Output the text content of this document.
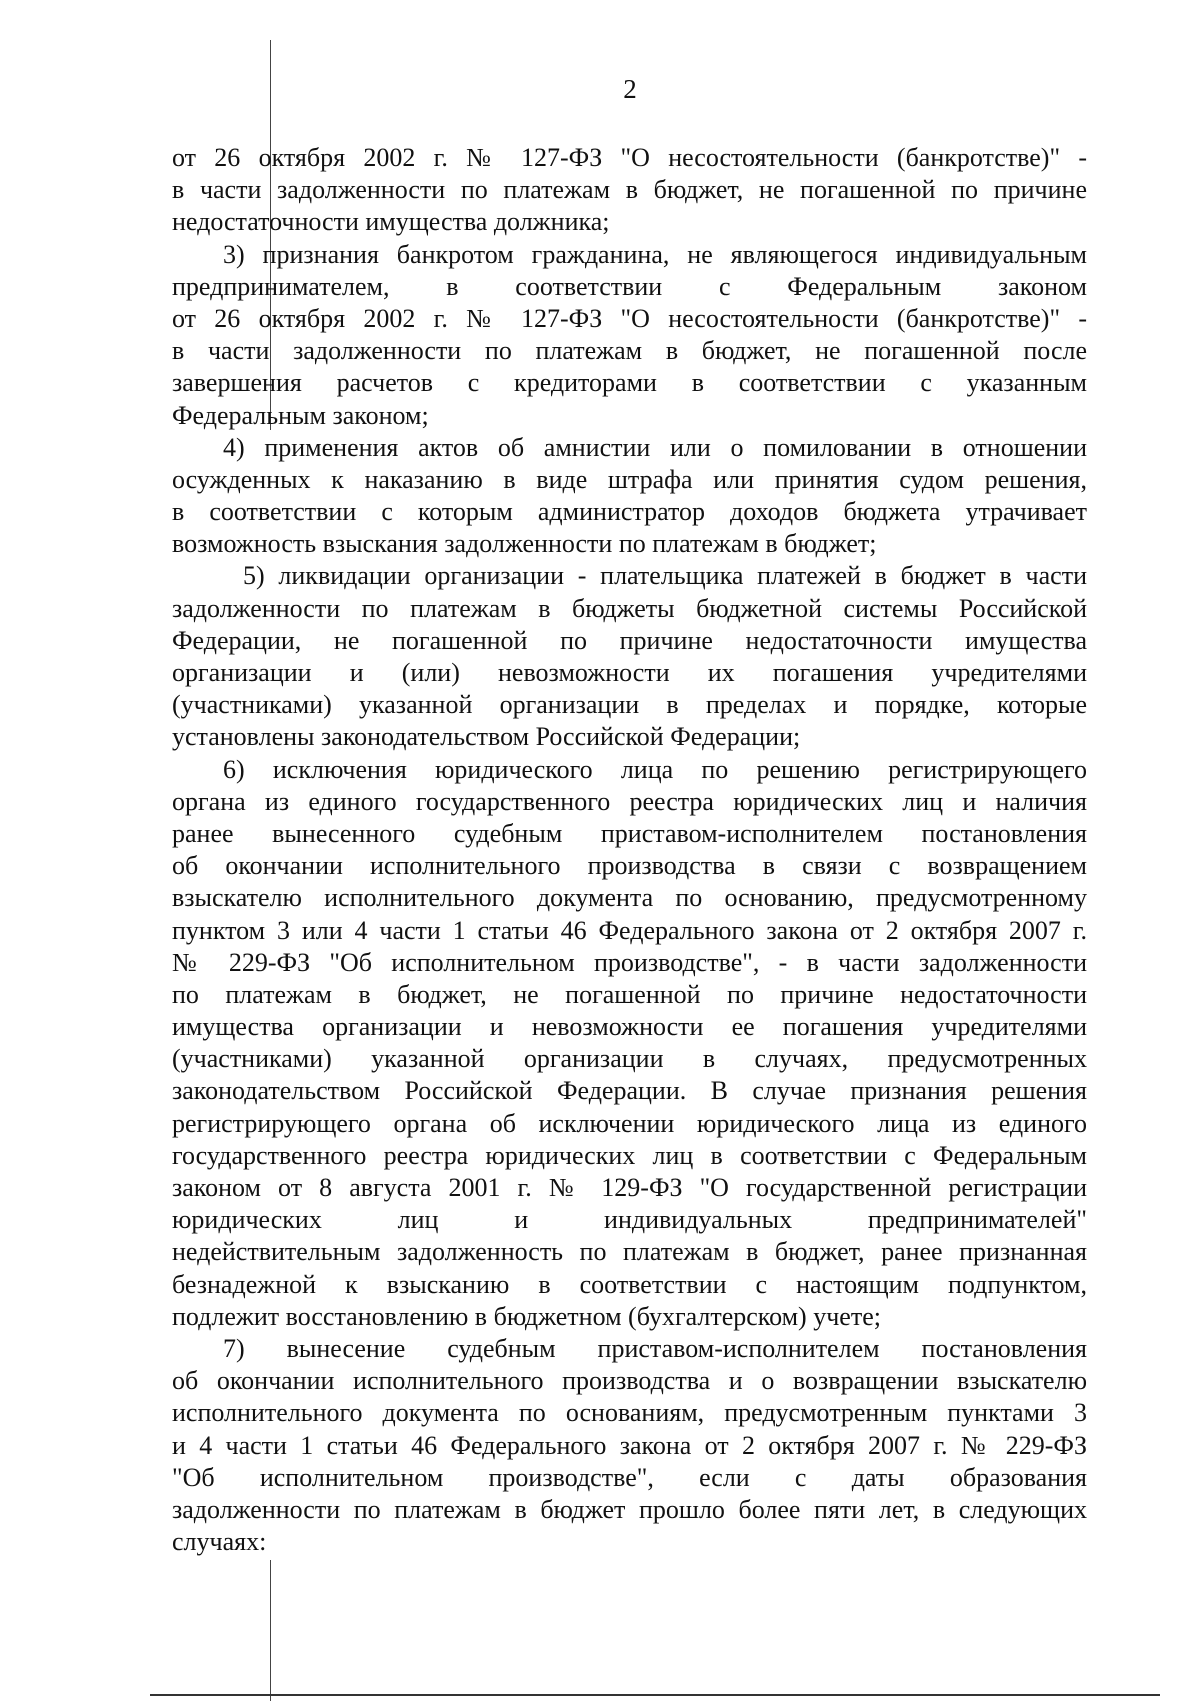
2
от 26 октября 2002 г. № 127-ФЗ "О несостоятельности (банкротстве)" -
в части задолженности по платежам в бюджет, не погашенной по причине
недостаточности имущества должника;
3) признания банкротом гражданина, не являющегося индивидуальным
предпринимателем, в соответствии с Федеральным законом
от 26 октября 2002 г. № 127-ФЗ "О несостоятельности (банкротстве)" -
в части задолженности по платежам в бюджет, не погашенной после
завершения расчетов с кредиторами в соответствии с указанным
Федеральным законом;
4) применения актов об амнистии или о помиловании в отношении
осужденных к наказанию в виде штрафа или принятия судом решения,
в соответствии с которым администратор доходов бюджета утрачивает
возможность взыскания задолженности по платежам в бюджет;
5) ликвидации организации - плательщика платежей в бюджет в части
задолженности по платежам в бюджеты бюджетной системы Российской
Федерации, не погашенной по причине недостаточности имущества
организации и (или) невозможности их погашения учредителями
(участниками) указанной организации в пределах и порядке, которые
установлены законодательством Российской Федерации;
6) исключения юридического лица по решению регистрирующего
органа из единого государственного реестра юридических лиц и наличия
ранее вынесенного судебным приставом-исполнителем постановления
об окончании исполнительного производства в связи с возвращением
взыскателю исполнительного документа по основанию, предусмотренному
пунктом 3 или 4 части 1 статьи 46 Федерального закона от 2 октября 2007 г.
№ 229-ФЗ "Об исполнительном производстве", - в части задолженности
по платежам в бюджет, не погашенной по причине недостаточности
имущества организации и невозможности ее погашения учредителями
(участниками) указанной организации в случаях, предусмотренных
законодательством Российской Федерации. В случае признания решения
регистрирующего органа об исключении юридического лица из единого
государственного реестра юридических лиц в соответствии с Федеральным
законом от 8 августа 2001 г. № 129-ФЗ "О государственной регистрации
юридических лиц и индивидуальных предпринимателей"
недействительным задолженность по платежам в бюджет, ранее признанная
безнадежной к взысканию в соответствии с настоящим подпунктом,
подлежит восстановлению в бюджетном (бухгалтерском) учете;
7) вынесение судебным приставом-исполнителем постановления
об окончании исполнительного производства и о возвращении взыскателю
исполнительного документа по основаниям, предусмотренным пунктами 3
и 4 части 1 статьи 46 Федерального закона от 2 октября 2007 г. № 229-ФЗ
"Об исполнительном производстве", если с даты образования
задолженности по платежам в бюджет прошло более пяти лет, в следующих
случаях:
